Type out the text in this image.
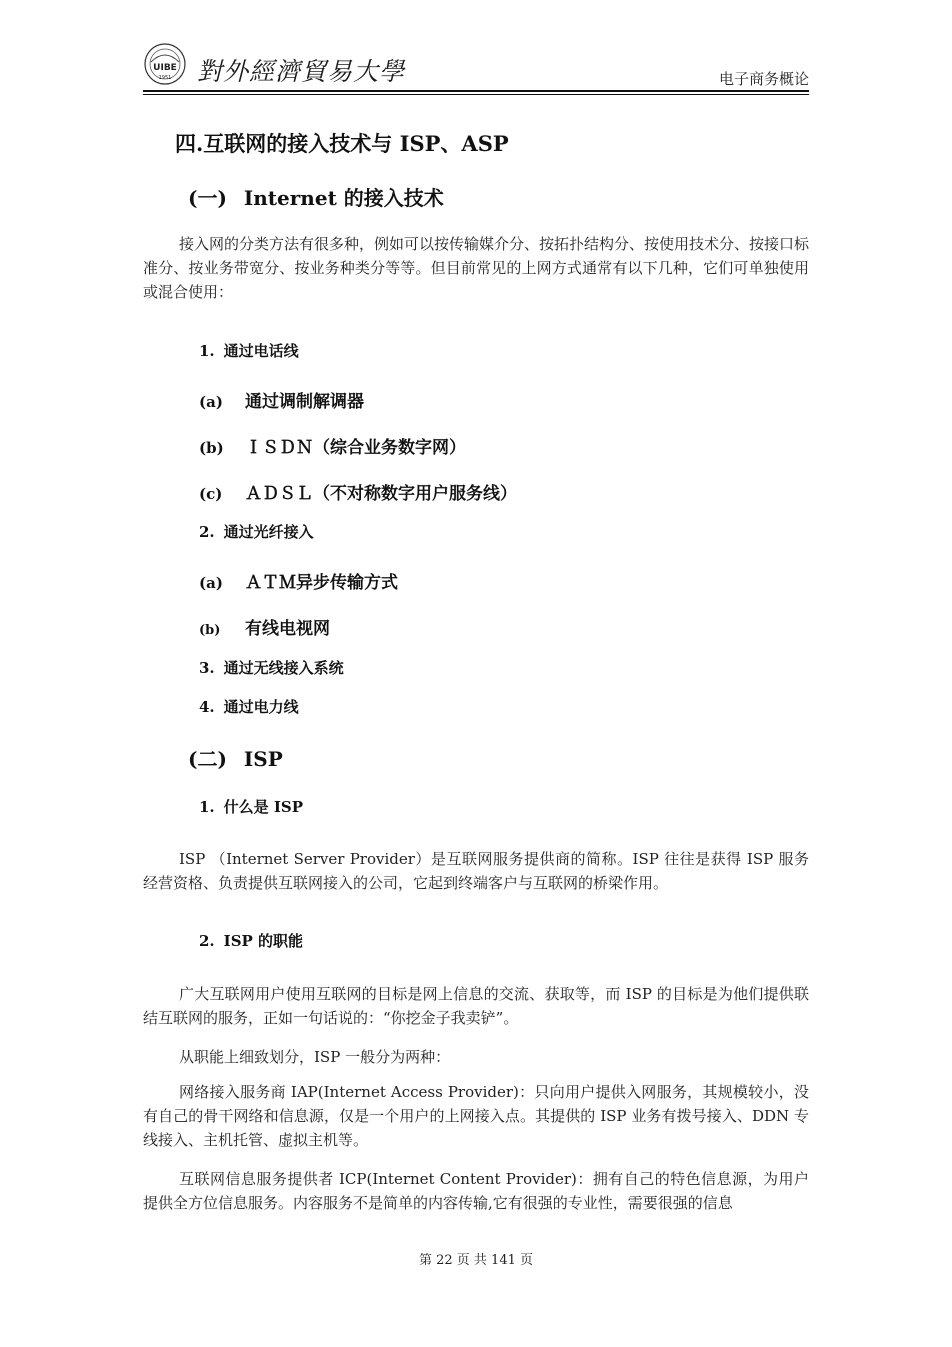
UIBE
1951 對外經濟貿易大學	电子商务概论
四.互联网的接入技术与 ISP、ASP
(一) Internet 的接入技术
接入网的分类方法有很多种，例如可以按传输媒介分、按拓扑结构分、按使用技术分、按接口标准分、按业务带宽分、按业务种类分等等。但目前常见的上网方式通常有以下几种，它们可单独使用或混合使用：
1. 通过电话线
(a) 通过调制解调器
(b) ＩＳＤＮ（综合业务数字网）
(c) ＡＤＳＬ（不对称数字用户服务线）
2. 通过光纤接入
(a) ＡＴＭ异步传输方式
(b) 有线电视网
3. 通过无线接入系统
4. 通过电力线
(二) ISP
1. 什么是 ISP
ISP （Internet Server Provider）是互联网服务提供商的简称。ISP 往往是获得 ISP 服务经营资格、负责提供互联网接入的公司，它起到终端客户与互联网的桥梁作用。
2. ISP 的职能
广大互联网用户使用互联网的目标是网上信息的交流、获取等，而 ISP 的目标是为他们提供联结互联网的服务，正如一句话说的：“你挖金子我卖铲”。
从职能上细致划分，ISP 一般分为两种：
网络接入服务商 IAP(Internet Access Provider)：只向用户提供入网服务，其规模较小，没有自己的骨干网络和信息源，仅是一个用户的上网接入点。其提供的 ISP 业务有拨号接入、DDN 专线接入、主机托管、虚拟主机等。
互联网信息服务提供者 ICP(Internet Content Provider)：拥有自己的特色信息源，为用户提供全方位信息服务。内容服务不是简单的内容传输,它有很强的专业性，需要很强的信息
第 22 页 共 141 页
